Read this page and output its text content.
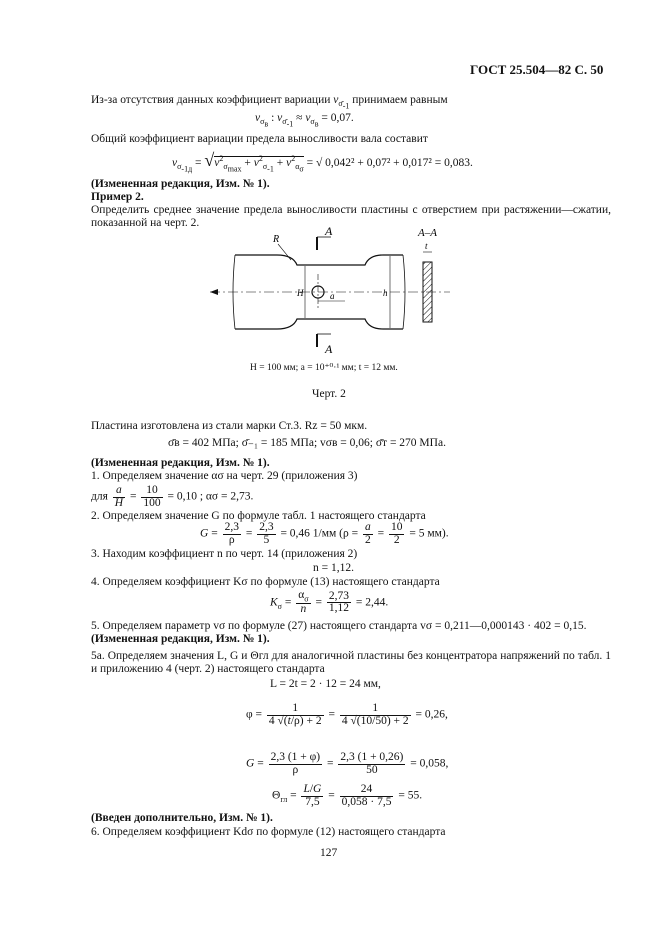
ГОСТ 25.504—82 С. 50
Из-за отсутствия данных коэффициент вариации $v_{\sigmā_{-1}}$ принимаем равным
$v_{\sigma_в}$ : $v_{\sigmā_{-1}} \approx v_{\sigma_в} = 0,07$.
Общий коэффициент вариации предела выносливости вала составит
$v_{\sigma_{-1д}} = √v^2_{\sigma_{max}} + v^2_{\sigma_{-1}} + v^2_{\alpha_\sigma}$ = √ 0,042² + 0,07² + 0,017² = 0,083.
(Измененная редакция, Изм. № 1).
Пример 2.
Определить среднее значение предела выносливости пластины с отверстием при растяжении—сжатии, показанной на черт. 2.
A
A
R
A–A
t
H	h
a
H = 100 мм; a = 10⁺⁰·¹ мм; t = 12 мм.
Черт. 2
Пластина изготовлена из стали марки Ст.3. Rz = 50 мкм.
σ̄в = 402 МПа; σ̄₋₁ = 185 МПа; vσв = 0,06; σ̄т = 270 МПа.
(Измененная редакция, Изм. № 1).
1. Определяем значение ασ на черт. 29 (приложения 3)
для $\frac{a}{H} = \frac{10}{100} = 0,10$ ; ασ = 2,73.
2. Определяем значение G по формуле табл. 1 настоящего стандарта
$G = \frac{2,3}{\rho} = \frac{2,3}{5} = 0,46$ 1/мм ($\rho = \frac{a}{2} = \frac{10}{2} = 5$ мм).
3. Находим коэффициент n по черт. 14 (приложения 2)
n = 1,12.
4. Определяем коэффициент Kσ по формуле (13) настоящего стандарта
$K_\sigma = \frac{\alpha_\sigma}{n} = \frac{2,73}{1,12} = 2,44$.
5. Определяем параметр vσ по формуле (27) настоящего стандарта vσ = 0,211—0,000143 · 402 = 0,15.
(Измененная редакция, Изм. № 1).
5а. Определяем значения L, G и Θгл для аналогичной пластины без концентратора напряжений по табл. 1 и приложению 4 (черт. 2) настоящего стандарта
L = 2t = 2 · 12 = 24 мм,
$\varphi = \frac{1}{4 √(t/\rho) + 2} = \frac{1}{4 √(10/50) + 2} = 0,26$,
$G = \frac{2,3 (1 + \varphi)}{\rho} = \frac{2,3 (1 + 0,26)}{50} = 0,058$,
$\Theta_{гл} = \frac{L/G}{7,5} = \frac{24}{0,058 \cdot 7,5} = 55$.
(Введен дополнительно, Изм. № 1).
6. Определяем коэффициент Kdσ по формуле (12) настоящего стандарта
127
